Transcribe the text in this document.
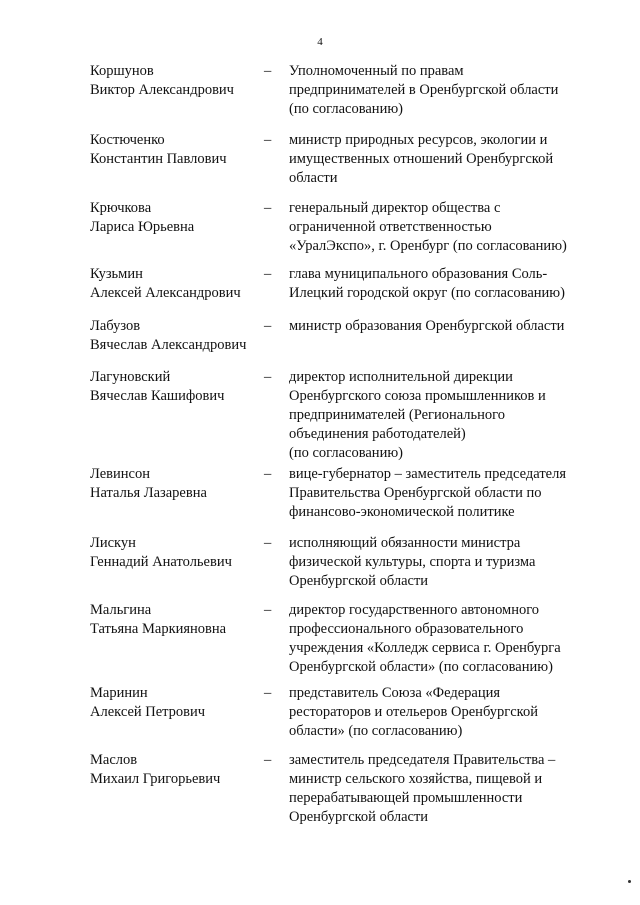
4
Коршунов
Виктор Александрович
– Уполномоченный по правам
предпринимателей в Оренбургской области
(по согласованию)
Костюченко
Константин Павлович
– министр природных ресурсов, экологии и
имущественных отношений Оренбургской
области
Крючкова
Лариса Юрьевна
– генеральный директор общества с
ограниченной ответственностью
«УралЭкспо», г. Оренбург (по согласованию)
Кузьмин
Алексей Александрович
– глава муниципального образования Соль-
Илецкий городской округ (по согласованию)
Лабузов
Вячеслав Александрович
– министр образования Оренбургской области
Лагуновский
Вячеслав Кашифович
– директор исполнительной дирекции
Оренбургского союза промышленников и
предпринимателей (Регионального
объединения работодателей)
(по согласованию)
Левинсон
Наталья Лазаревна
– вице-губернатор – заместитель председателя
Правительства Оренбургской области по
финансово-экономической политике
Лискун
Геннадий Анатольевич
– исполняющий обязанности министра
физической культуры, спорта и туризма
Оренбургской области
Мальгина
Татьяна Маркияновна
– директор государственного автономного
профессионального образовательного
учреждения «Колледж сервиса г. Оренбурга
Оренбургской области» (по согласованию)
Маринин
Алексей Петрович
– представитель Союза «Федерация
рестораторов и отельеров Оренбургской
области» (по согласованию)
Маслов
Михаил Григорьевич
– заместитель председателя Правительства –
министр сельского хозяйства, пищевой и
перерабатывающей промышленности
Оренбургской области
